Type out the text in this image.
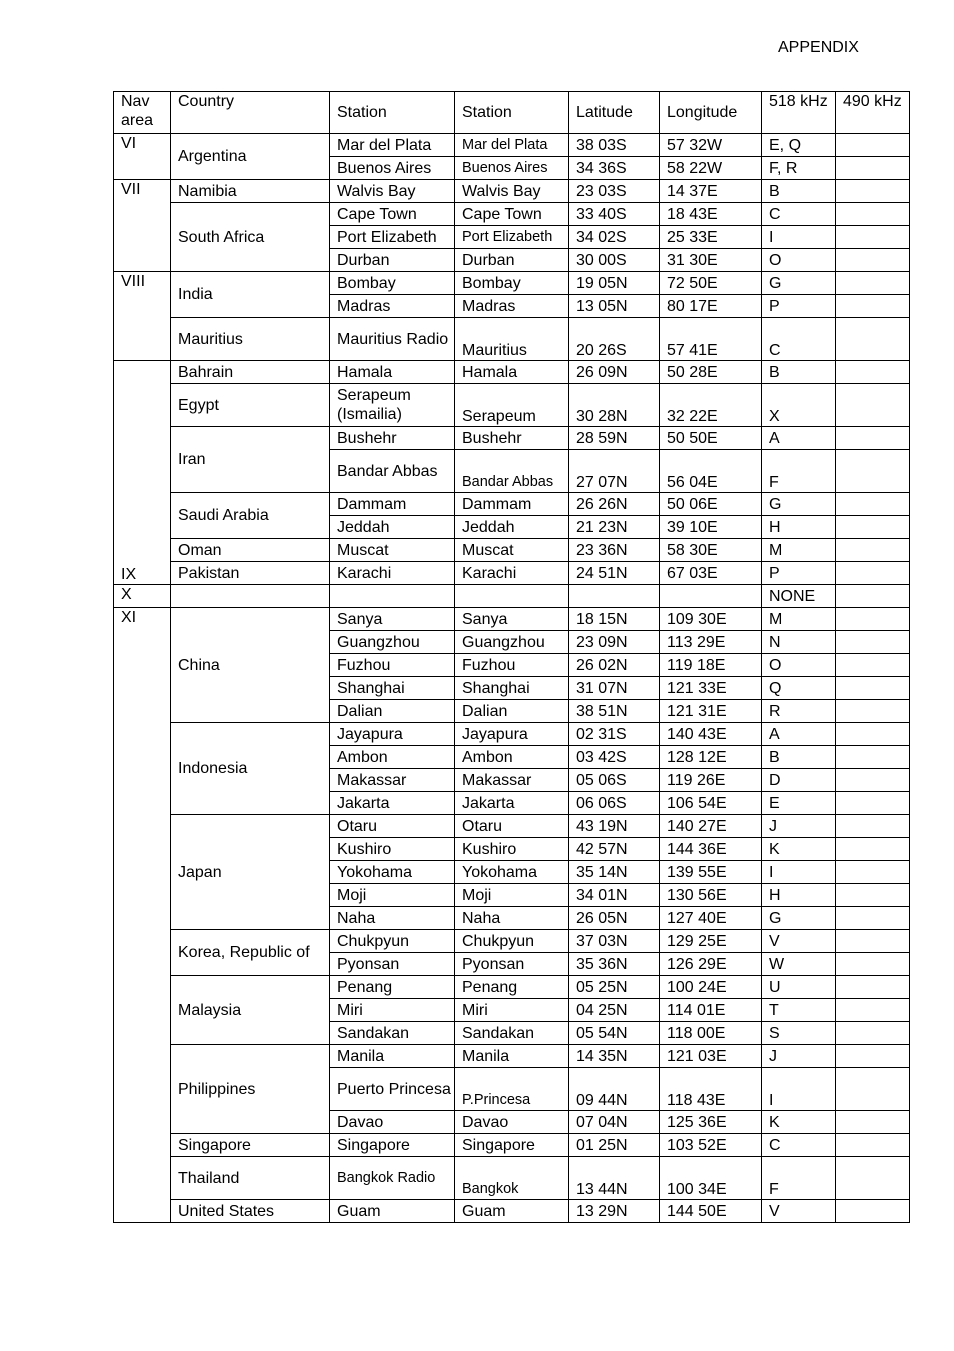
APPENDIX
Nav area	Country	Station	Station	Latitude	Longitude	518 kHz	490 kHz
VI	Argentina	Mar del Plata	Mar del Plata	38 03S	57 32W	E, Q	
		Buenos Aires	Buenos Aires	34 36S	58 22W	F, R	
VII	Namibia	Walvis Bay	Walvis Bay	23 03S	14 37E	B	
	South Africa	Cape Town	Cape Town	33 40S	18 43E	C	
		Port Elizabeth	Port Elizabeth	34 02S	25 33E	I	
		Durban	Durban	30 00S	31 30E	O	
VIII	India	Bombay	Bombay	19 05N	72 50E	G	
		Madras	Madras	13 05N	80 17E	P	
	Mauritius	Mauritius Radio	Mauritius	20 26S	57 41E	C	
IX	Bahrain	Hamala	Hamala	26 09N	50 28E	B	
	Egypt	Serapeum (Ismailia)	Serapeum	30 28N	32 22E	X	
	Iran	Bushehr	Bushehr	28 59N	50 50E	A	
		Bandar Abbas	Bandar Abbas	27 07N	56 04E	F	
	Saudi Arabia	Dammam	Dammam	26 26N	50 06E	G	
		Jeddah	Jeddah	21 23N	39 10E	H	
	Oman	Muscat	Muscat	23 36N	58 30E	M	
	Pakistan	Karachi	Karachi	24 51N	67 03E	P	
X						NONE	
XI	China	Sanya	Sanya	18 15N	109 30E	M	
		Guangzhou	Guangzhou	23 09N	113 29E	N	
		Fuzhou	Fuzhou	26 02N	119 18E	O	
		Shanghai	Shanghai	31 07N	121 33E	Q	
		Dalian	Dalian	38 51N	121 31E	R	
	Indonesia	Jayapura	Jayapura	02 31S	140 43E	A	
		Ambon	Ambon	03 42S	128 12E	B	
		Makassar	Makassar	05 06S	119 26E	D	
		Jakarta	Jakarta	06 06S	106 54E	E	
	Japan	Otaru	Otaru	43 19N	140 27E	J	
		Kushiro	Kushiro	42 57N	144 36E	K	
		Yokohama	Yokohama	35 14N	139 55E	I	
		Moji	Moji	34 01N	130 56E	H	
		Naha	Naha	26 05N	127 40E	G	
	Korea, Republic of	Chukpyun	Chukpyun	37 03N	129 25E	V	
		Pyonsan	Pyonsan	35 36N	126 29E	W	
	Malaysia	Penang	Penang	05 25N	100 24E	U	
		Miri	Miri	04 25N	114 01E	T	
		Sandakan	Sandakan	05 54N	118 00E	S	
	Philippines	Manila	Manila	14 35N	121 03E	J	
		Puerto Princesa	P.Princesa	09 44N	118 43E	I	
		Davao	Davao	07 04N	125 36E	K	
	Singapore	Singapore	Singapore	01 25N	103 52E	C	
	Thailand	Bangkok Radio	Bangkok	13 44N	100 34E	F	
	United States	Guam	Guam	13 29N	144 50E	V	
